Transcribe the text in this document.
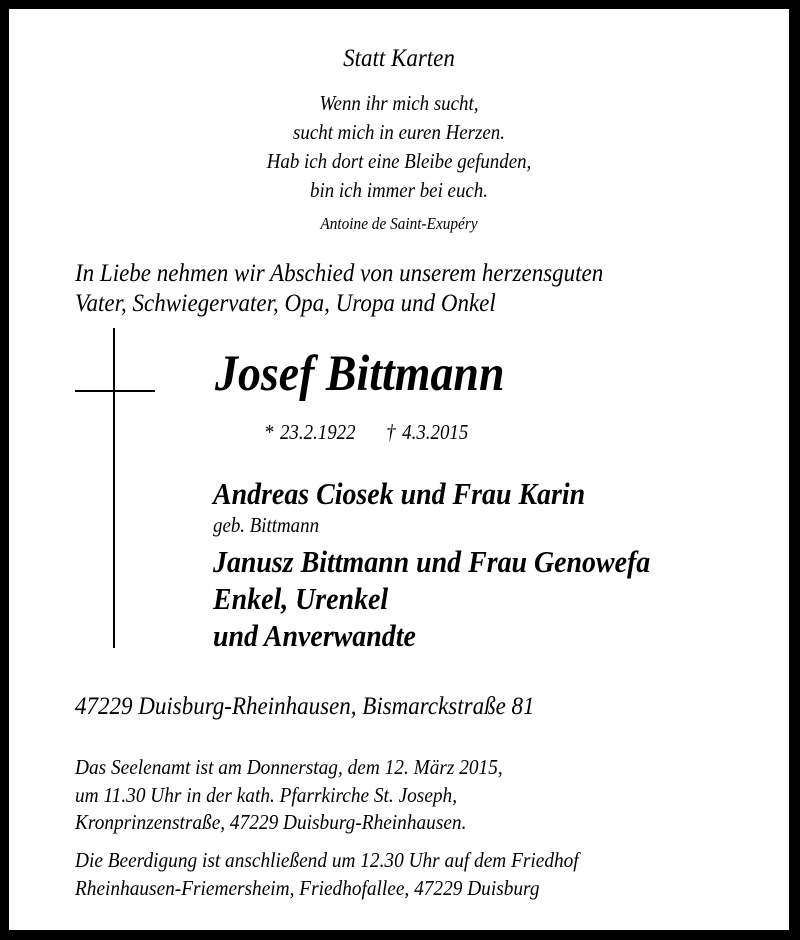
Statt Karten
Wenn ihr mich sucht,
sucht mich in euren Herzen.
Hab ich dort eine Bleibe gefunden,
bin ich immer bei euch.
Antoine de Saint-Exupéry
In Liebe nehmen wir Abschied von unserem herzensguten
Vater, Schwiegervater, Opa, Uropa und Onkel
Josef Bittmann
* 23.2.1922 † 4.3.2015
Andreas Ciosek und Frau Karin
geb. Bittmann
Janusz Bittmann und Frau Genowefa
Enkel, Urenkel
und Anverwandte
47229 Duisburg-Rheinhausen, Bismarckstraße 81
Das Seelenamt ist am Donnerstag, dem 12. März 2015,
um 11.30 Uhr in der kath. Pfarrkirche St. Joseph,
Kronprinzenstraße, 47229 Duisburg-Rheinhausen.
Die Beerdigung ist anschließend um 12.30 Uhr auf dem Friedhof
Rheinhausen-Friemersheim, Friedhofallee, 47229 Duisburg
